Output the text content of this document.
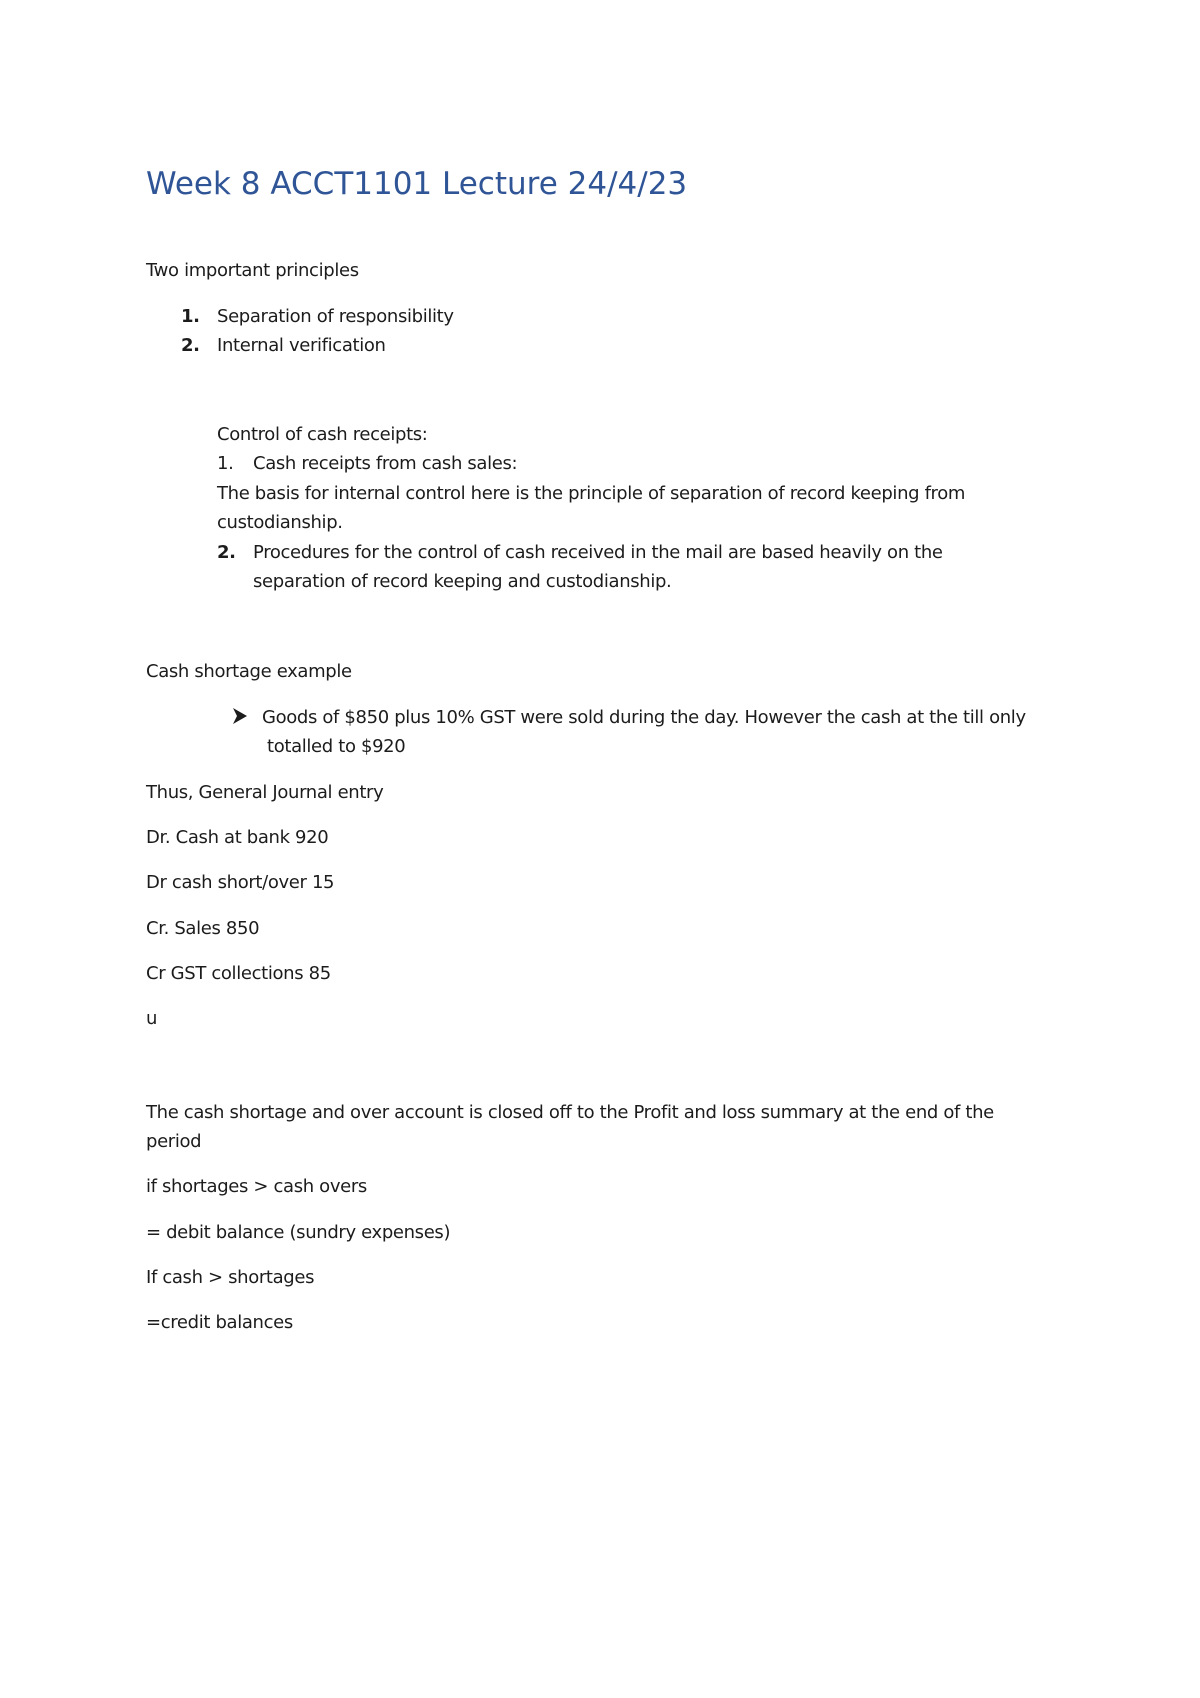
Week 8 ACCT1101 Lecture 24/4/23
Two important principles
1. Separation of responsibility
2. Internal verification
Control of cash receipts:
1. Cash receipts from cash sales:
The basis for internal control here is the principle of separation of record keeping from
custodianship.
2. Procedures for the control of cash received in the mail are based heavily on the
separation of record keeping and custodianship.
Cash shortage example
Goods of $850 plus 10% GST were sold during the day. However the cash at the till only
totalled to $920
Thus, General Journal entry
Dr. Cash at bank 920
Dr cash short/over 15
Cr. Sales 850
Cr GST collections 85
u
The cash shortage and over account is closed off to the Profit and loss summary at the end of the
period
if shortages > cash overs
= debit balance (sundry expenses)
If cash > shortages
=credit balances
